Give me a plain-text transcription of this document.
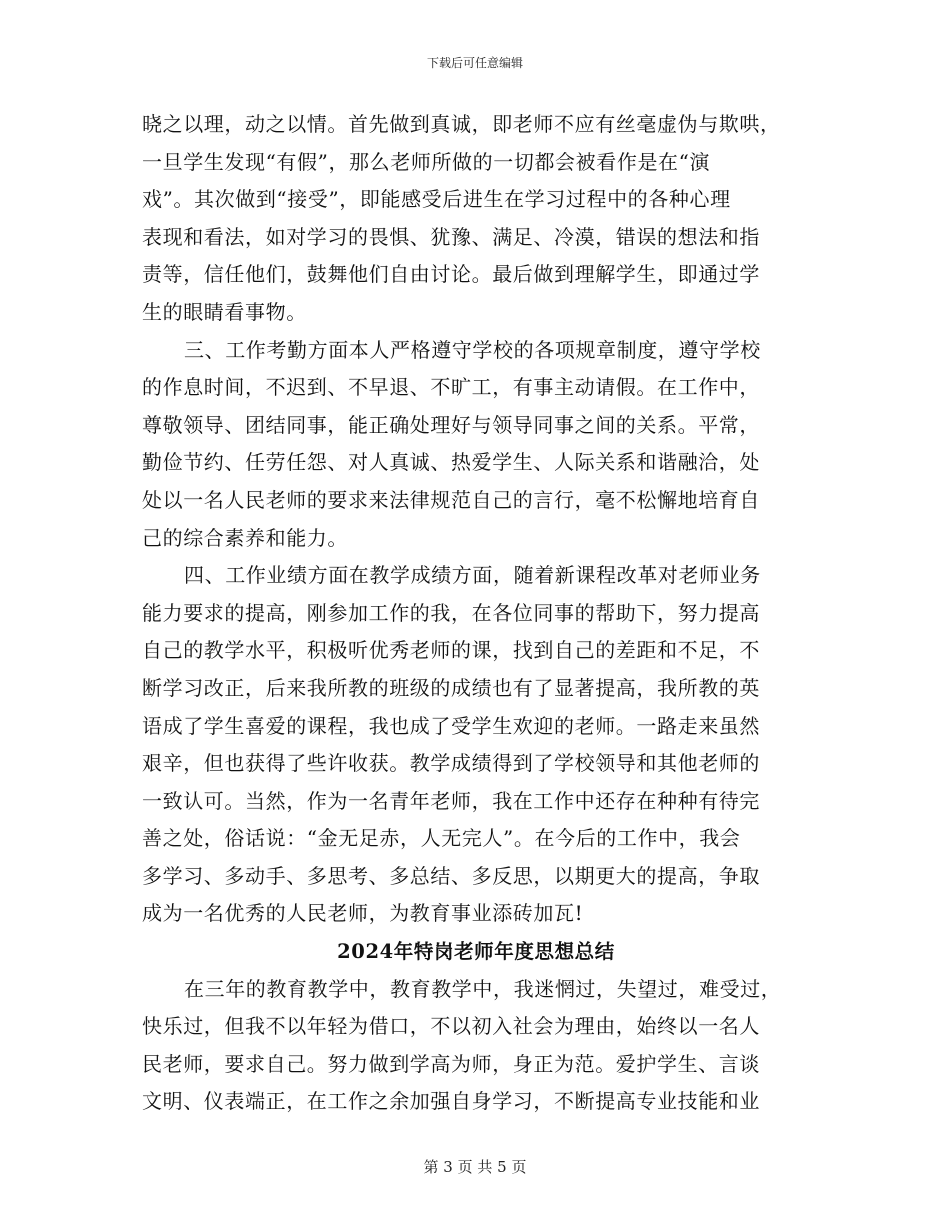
下载后可任意编辑
晓之以理，动之以情。首先做到真诚，即老师不应有丝毫虚伪与欺哄，
一旦学生发现“有假”，那么老师所做的一切都会被看作是在“演
戏”。其次做到“接受”，即能感受后进生在学习过程中的各种心理
表现和看法，如对学习的畏惧、犹豫、满足、冷漠，错误的想法和指
责等，信任他们，鼓舞他们自由讨论。最后做到理解学生，即通过学
生的眼睛看事物。
三、工作考勤方面本人严格遵守学校的各项规章制度，遵守学校
的作息时间，不迟到、不早退、不旷工，有事主动请假。在工作中，
尊敬领导、团结同事，能正确处理好与领导同事之间的关系。平常，
勤俭节约、任劳任怨、对人真诚、热爱学生、人际关系和谐融洽，处
处以一名人民老师的要求来法律规范自己的言行，毫不松懈地培育自
己的综合素养和能力。
四、工作业绩方面在教学成绩方面，随着新课程改革对老师业务
能力要求的提高，刚参加工作的我，在各位同事的帮助下，努力提高
自己的教学水平，积极听优秀老师的课，找到自己的差距和不足，不
断学习改正，后来我所教的班级的成绩也有了显著提高，我所教的英
语成了学生喜爱的课程，我也成了受学生欢迎的老师。一路走来虽然
艰辛，但也获得了些许收获。教学成绩得到了学校领导和其他老师的
一致认可。当然，作为一名青年老师，我在工作中还存在种种有待完
善之处，俗话说：“金无足赤，人无完人”。在今后的工作中，我会
多学习、多动手、多思考、多总结、多反思，以期更大的提高，争取
成为一名优秀的人民老师，为教育事业添砖加瓦!
2024年特岗老师年度思想总结
在三年的教育教学中，教育教学中，我迷惘过，失望过，难受过，
快乐过，但我不以年轻为借口，不以初入社会为理由，始终以一名人
民老师，要求自己。努力做到学高为师，身正为范。爱护学生、言谈
文明、仪表端正，在工作之余加强自身学习，不断提高专业技能和业
第 3 页 共 5 页
